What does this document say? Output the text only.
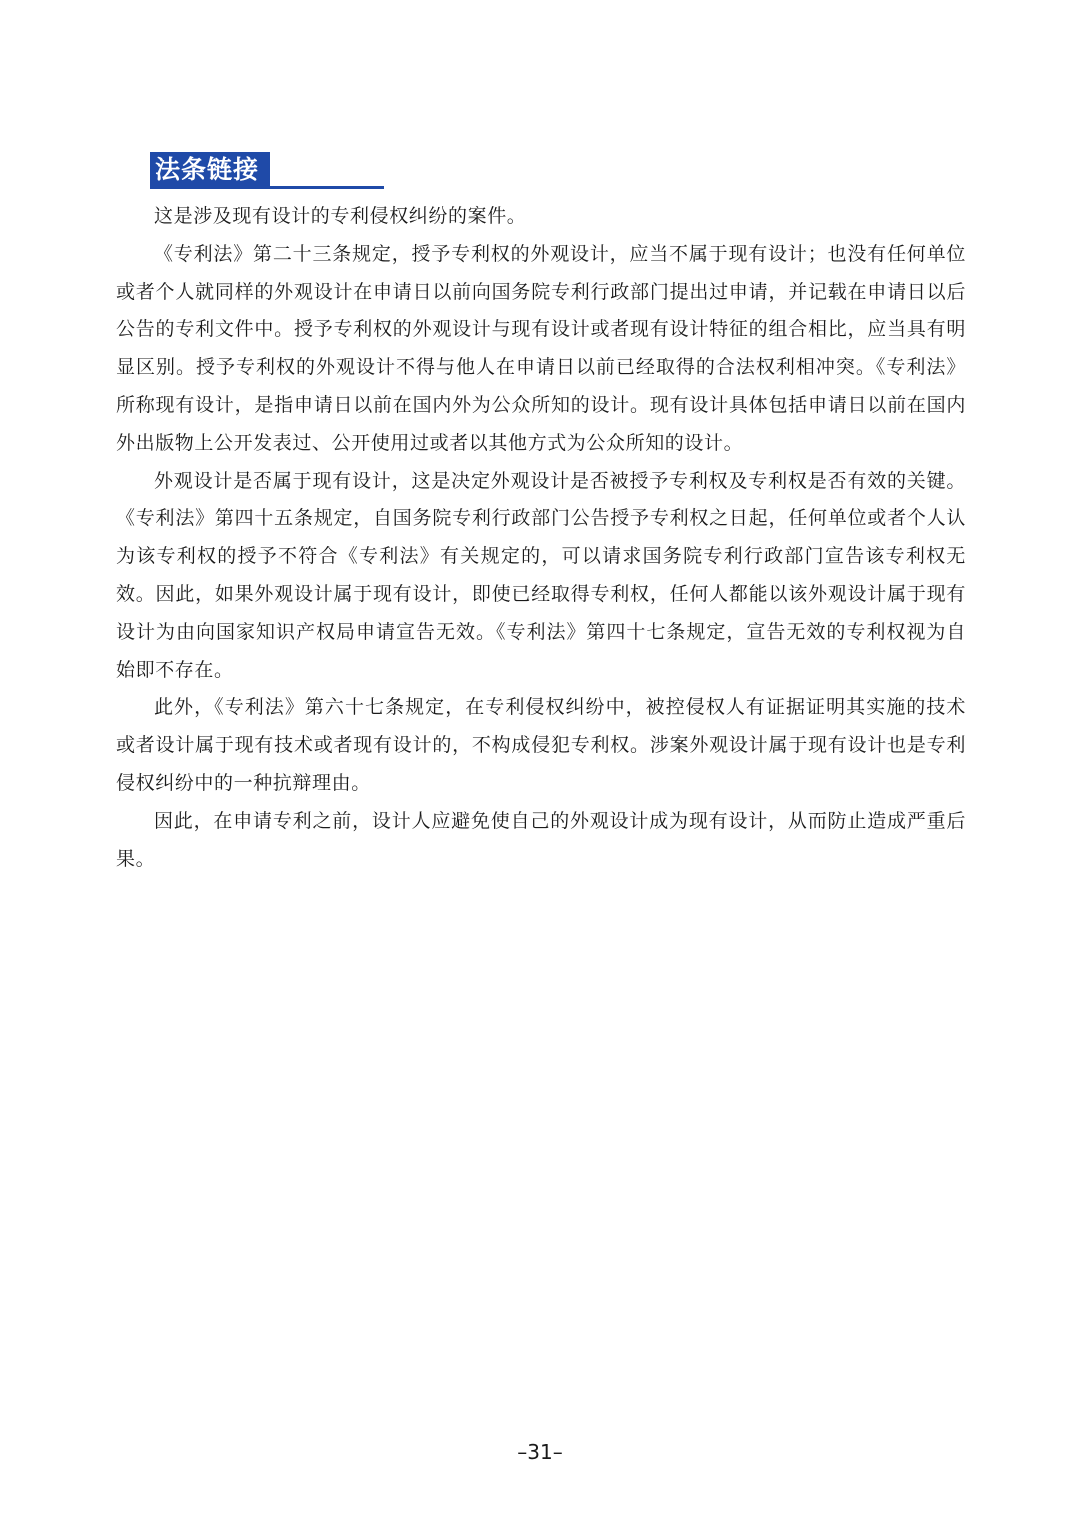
法条链接

这是涉及现有设计的专利侵权纠纷的案件。

《专利法》第二十三条规定，授予专利权的外观设计，应当不属于现有设计；也没有任何单位或者个人就同样的外观设计在申请日以前向国务院专利行政部门提出过申请，并记载在申请日以后公告的专利文件中。授予专利权的外观设计与现有设计或者现有设计特征的组合相比，应当具有明显区别。授予专利权的外观设计不得与他人在申请日以前已经取得的合法权利相冲突。《专利法》所称现有设计，是指申请日以前在国内外为公众所知的设计。现有设计具体包括申请日以前在国内外出版物上公开发表过、公开使用过或者以其他方式为公众所知的设计。

外观设计是否属于现有设计，这是决定外观设计是否被授予专利权及专利权是否有效的关键。《专利法》第四十五条规定，自国务院专利行政部门公告授予专利权之日起，任何单位或者个人认为该专利权的授予不符合《专利法》有关规定的，可以请求国务院专利行政部门宣告该专利权无效。因此，如果外观设计属于现有设计，即使已经取得专利权，任何人都能以该外观设计属于现有设计为由向国家知识产权局申请宣告无效。《专利法》第四十七条规定，宣告无效的专利权视为自始即不存在。

此外，《专利法》第六十七条规定，在专利侵权纠纷中，被控侵权人有证据证明其实施的技术或者设计属于现有技术或者现有设计的，不构成侵犯专利权。涉案外观设计属于现有设计也是专利侵权纠纷中的一种抗辩理由。

因此，在申请专利之前，设计人应避免使自己的外观设计成为现有设计，从而防止造成严重后果。

–31–
